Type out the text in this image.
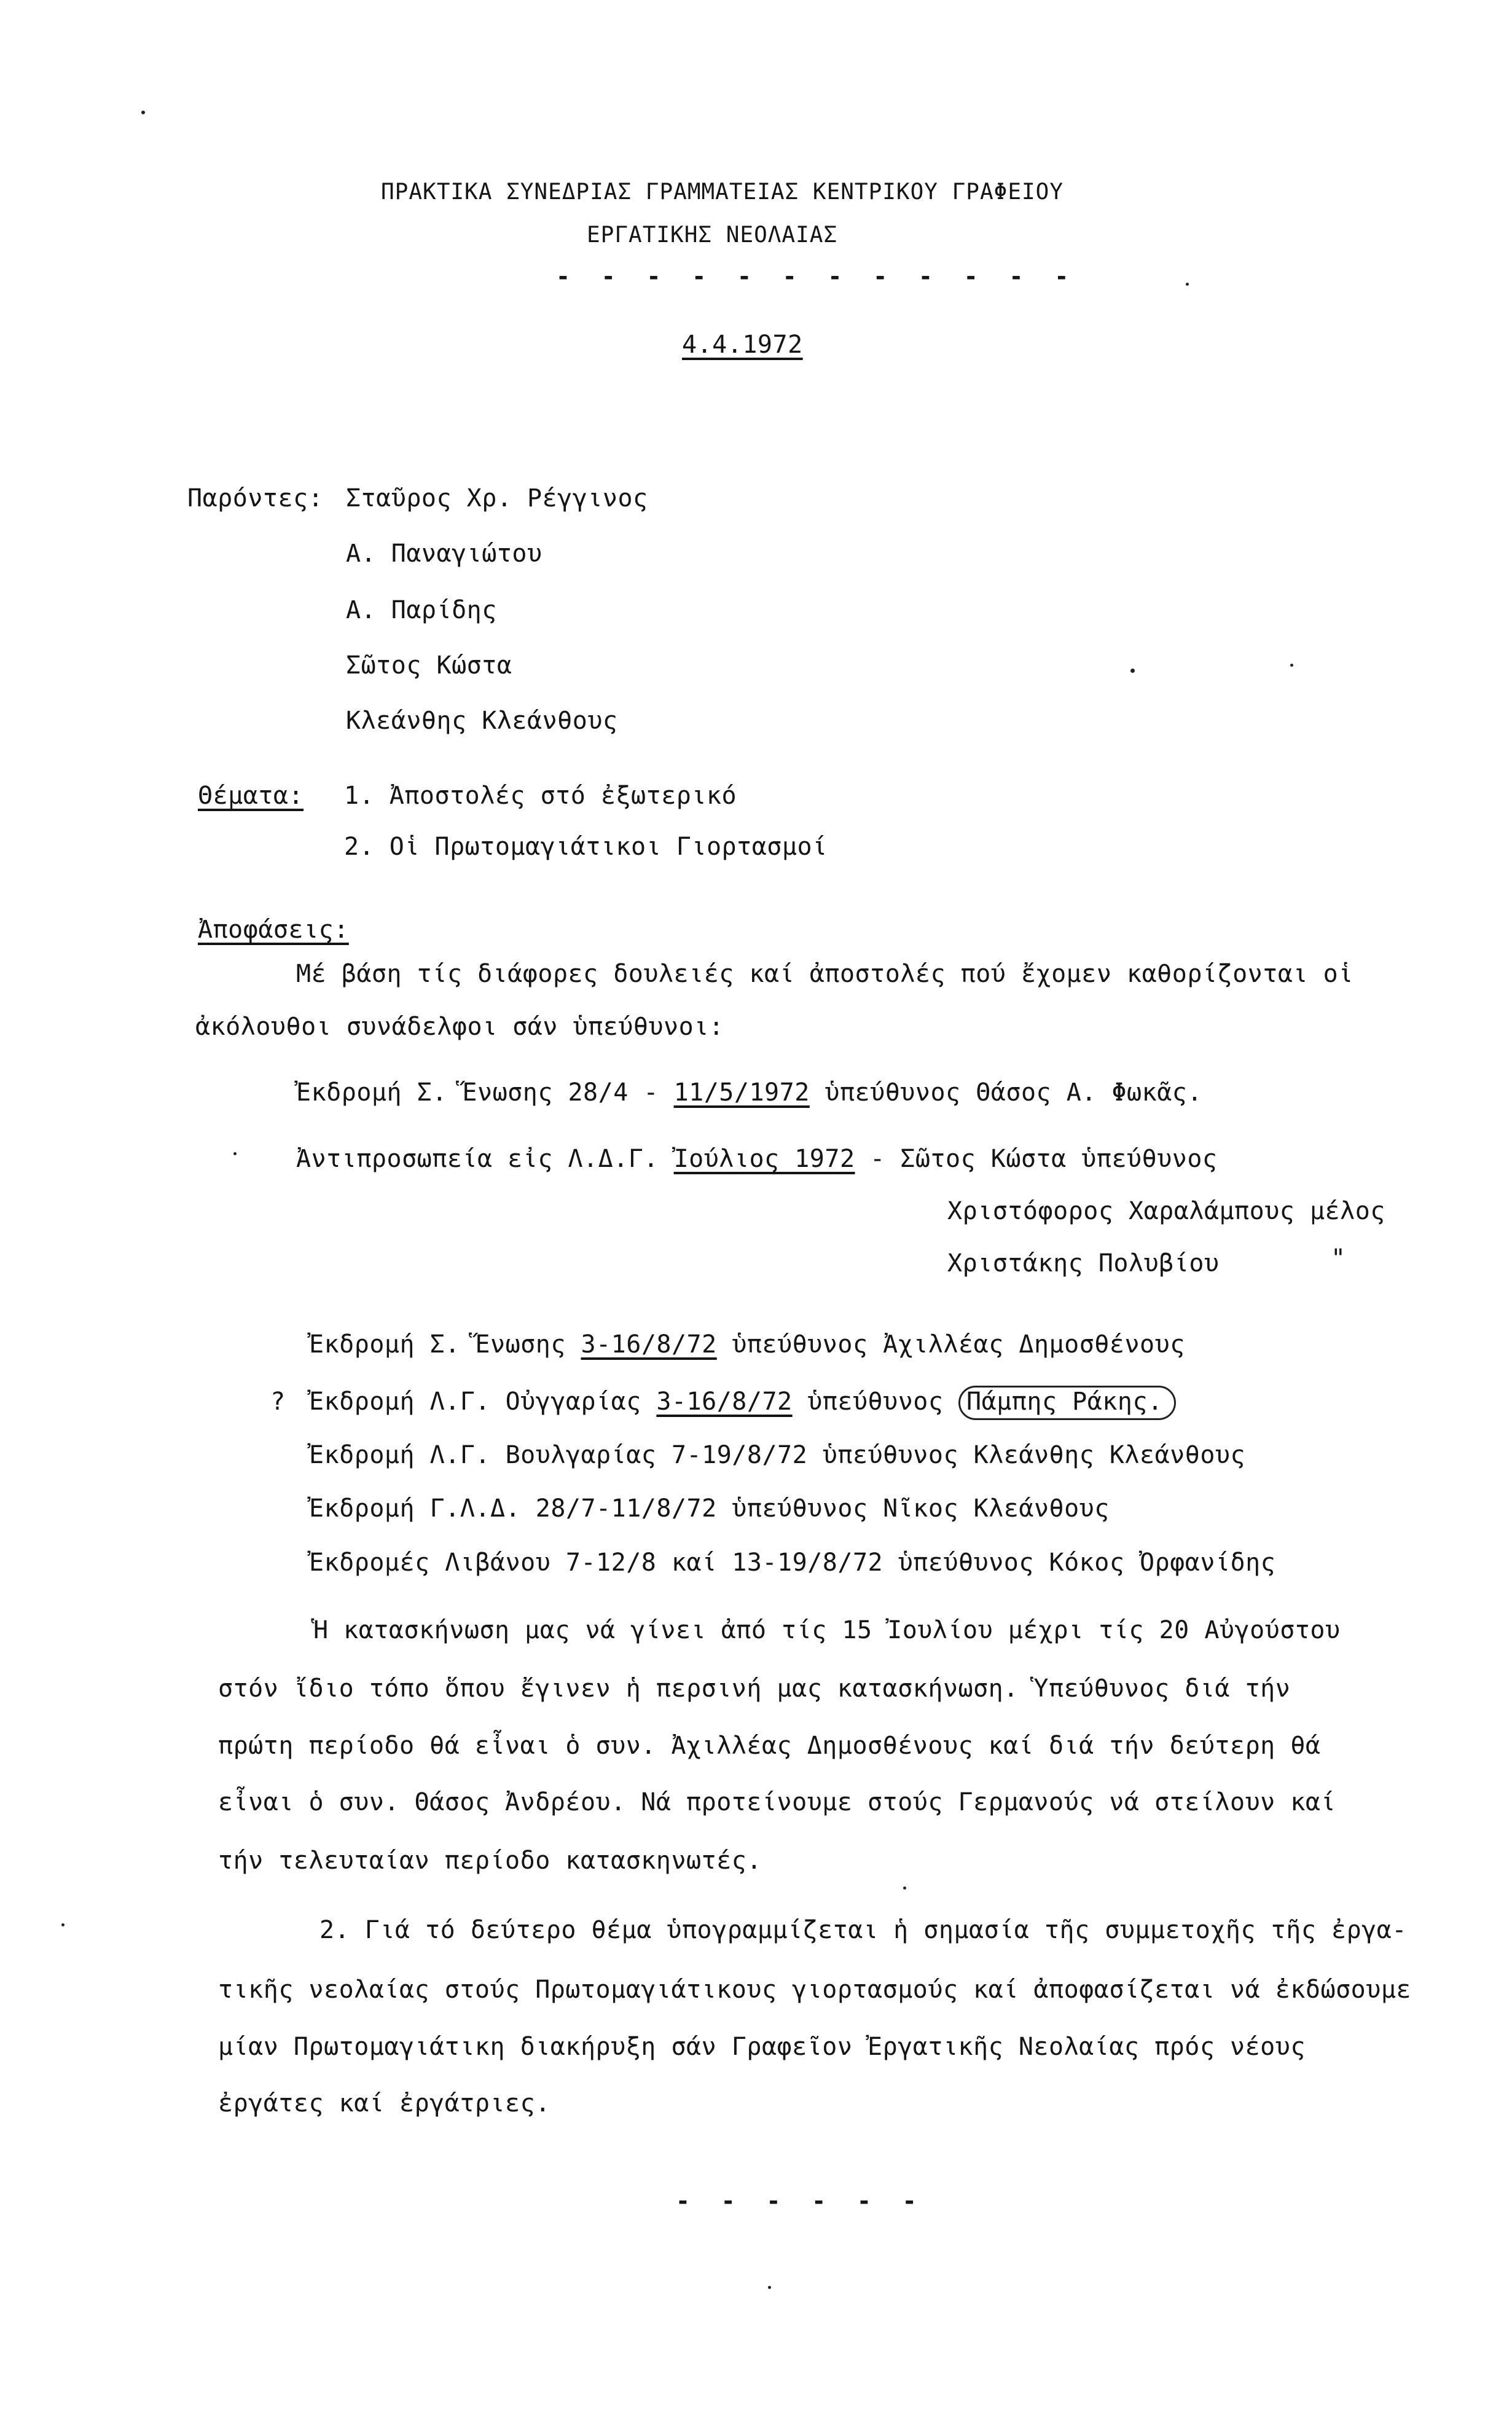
ΠΡΑΚΤΙΚΑ ΣΥΝΕΔΡΙΑΣ ΓΡΑΜΜΑΤΕΙΑΣ ΚΕΝΤΡΙΚΟΥ ΓΡΑΦΕΙΟΥ
ΕΡΓΑΤΙΚΗΣ ΝΕΟΛΑΙΑΣ
- - - - - - - - - - - -
4.4.1972
Παρόντες: Σταῦρος Χρ. Ρέγγινος
Α. Παναγιώτου
Α. Παρίδης
Σῶτος Κώστα
Κλεάνθης Κλεάνθους
Θέματα: 1. Ἀποστολές στό ἐξωτερικό
2. Οἱ Πρωτομαγιάτικοι Γιορτασμοί
Ἀποφάσεις:
Μέ βάση τίς διάφορες δουλειές καί ἀποστολές πού ἔχομεν καθορίζονται οἱ
ἀκόλουθοι συνάδελφοι σάν ὑπεύθυνοι:
Ἐκδρομή Σ. Ἕνωσης 28/4 - 11/5/1972 ὑπεύθυνος Θάσος Α. Φωκᾶς.
Ἀντιπροσωπεία εἰς Λ.Δ.Γ. Ἰούλιος 1972 - Σῶτος Κώστα ὑπεύθυνος
Χριστόφορος Χαραλάμπους μέλος
Χριστάκης Πολυβίου	"
Ἐκδρομή Σ. Ἕνωσης 3-16/8/72 ὑπεύθυνος Ἀχιλλέας Δημοσθένους
? Ἐκδρομή Λ.Γ. Οὐγγαρίας 3-16/8/72 ὑπεύθυνος Πάμπης Ράκης.
Ἐκδρομή Λ.Γ. Βουλγαρίας 7-19/8/72 ὑπεύθυνος Κλεάνθης Κλεάνθους
Ἐκδρομή Γ.Λ.Δ. 28/7-11/8/72 ὑπεύθυνος Νῖκος Κλεάνθους
Ἐκδρομές Λιβάνου 7-12/8 καί 13-19/8/72 ὑπεύθυνος Κόκος Ὀρφανίδης
Ἡ κατασκήνωση μας νά γίνει ἀπό τίς 15 Ἰουλίου μέχρι τίς 20 Αὐγούστου
στόν ἴδιο τόπο ὅπου ἔγινεν ἡ περσινή μας κατασκήνωση. Ὑπεύθυνος διά τήν
πρώτη περίοδο θά εἶναι ὁ συν. Ἀχιλλέας Δημοσθένους καί διά τήν δεύτερη θά
εἶναι ὁ συν. Θάσος Ἀνδρέου. Νά προτείνουμε στούς Γερμανούς νά στείλουν καί
τήν τελευταίαν περίοδο κατασκηνωτές.
2. Γιά τό δεύτερο θέμα ὑπογραμμίζεται ἡ σημασία τῆς συμμετοχῆς τῆς ἐργα-
τικῆς νεολαίας στούς Πρωτομαγιάτικους γιορτασμούς καί ἀποφασίζεται νά ἐκδώσουμε
μίαν Πρωτομαγιάτικη διακήρυξη σάν Γραφεῖον Ἐργατικῆς Νεολαίας πρός νέους
ἐργάτες καί ἐργάτριες.
- - - - - -
